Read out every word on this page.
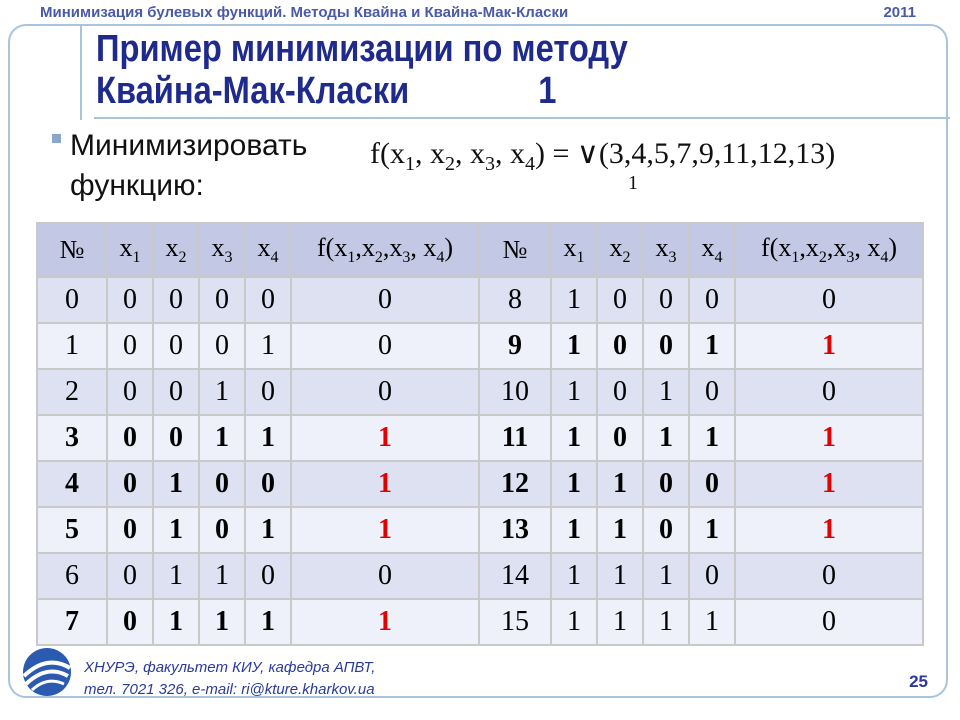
Минимизация булевых функций. Методы Квайна и Квайна-Мак-Класки	2011
Пример минимизации по методу
Квайна-Мак-Класки	1
Минимизировать
функцию:
$f(x_1$, $x_2$, $x_3$, $x_4$) = ∨(3,4,5,7,9,11,12,13)
1
№	$x_1$	$x_2$	$x_3$	$x_4$	$f(x_1,x_2,x_3$, $x_4$)	№	$x_1$	$x_2$	$x_3$	$x_4$	$f(x_1,x_2,x_3$, $x_4$)
0	0	0	0	0	0	8	1	0	0	0	0
1	0	0	0	1	0	9	1	0	0	1	1
2	0	0	1	0	0	10	1	0	1	0	0
3	0	0	1	1	1	11	1	0	1	1	1
4	0	1	0	0	1	12	1	1	0	0	1
5	0	1	0	1	1	13	1	1	0	1	1
6	0	1	1	0	0	14	1	1	1	0	0
7	0	1	1	1	1	15	1	1	1	1	0
ХНУРЭ, факультет КИУ, кафедра АПВТ,
тел. 7021 326, e-mail: ri@kture.kharkov.ua	25
